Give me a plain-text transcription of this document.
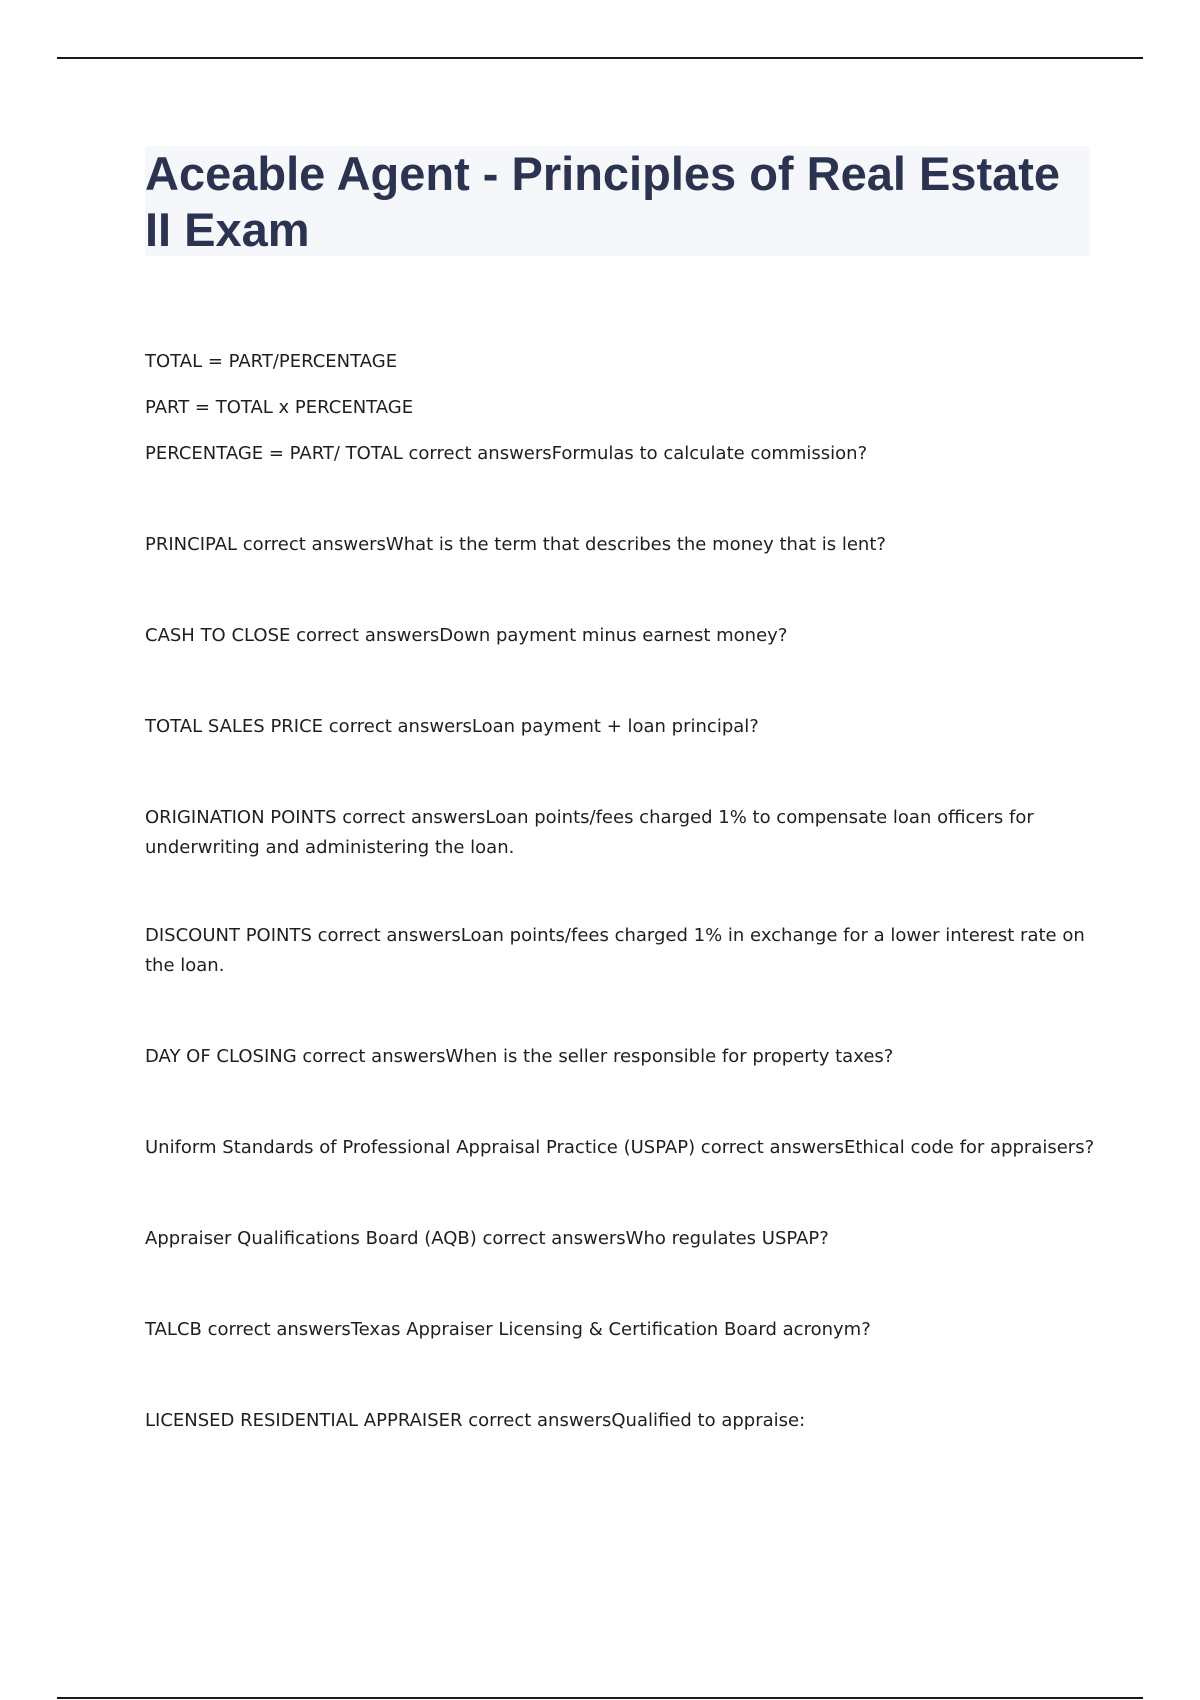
Aceable Agent - Principles of Real Estate II Exam

TOTAL = PART/PERCENTAGE

PART = TOTAL x PERCENTAGE

PERCENTAGE = PART/ TOTAL correct answersFormulas to calculate commission?

PRINCIPAL correct answersWhat is the term that describes the money that is lent?

CASH TO CLOSE correct answersDown payment minus earnest money?

TOTAL SALES PRICE correct answersLoan payment + loan principal?

ORIGINATION POINTS correct answersLoan points/fees charged 1% to compensate loan officers for underwriting and administering the loan.

DISCOUNT POINTS correct answersLoan points/fees charged 1% in exchange for a lower interest rate on the loan.

DAY OF CLOSING correct answersWhen is the seller responsible for property taxes?

Uniform Standards of Professional Appraisal Practice (USPAP) correct answersEthical code for appraisers?

Appraiser Qualifications Board (AQB) correct answersWho regulates USPAP?

TALCB correct answersTexas Appraiser Licensing & Certification Board acronym?

LICENSED RESIDENTIAL APPRAISER correct answersQualified to appraise:
